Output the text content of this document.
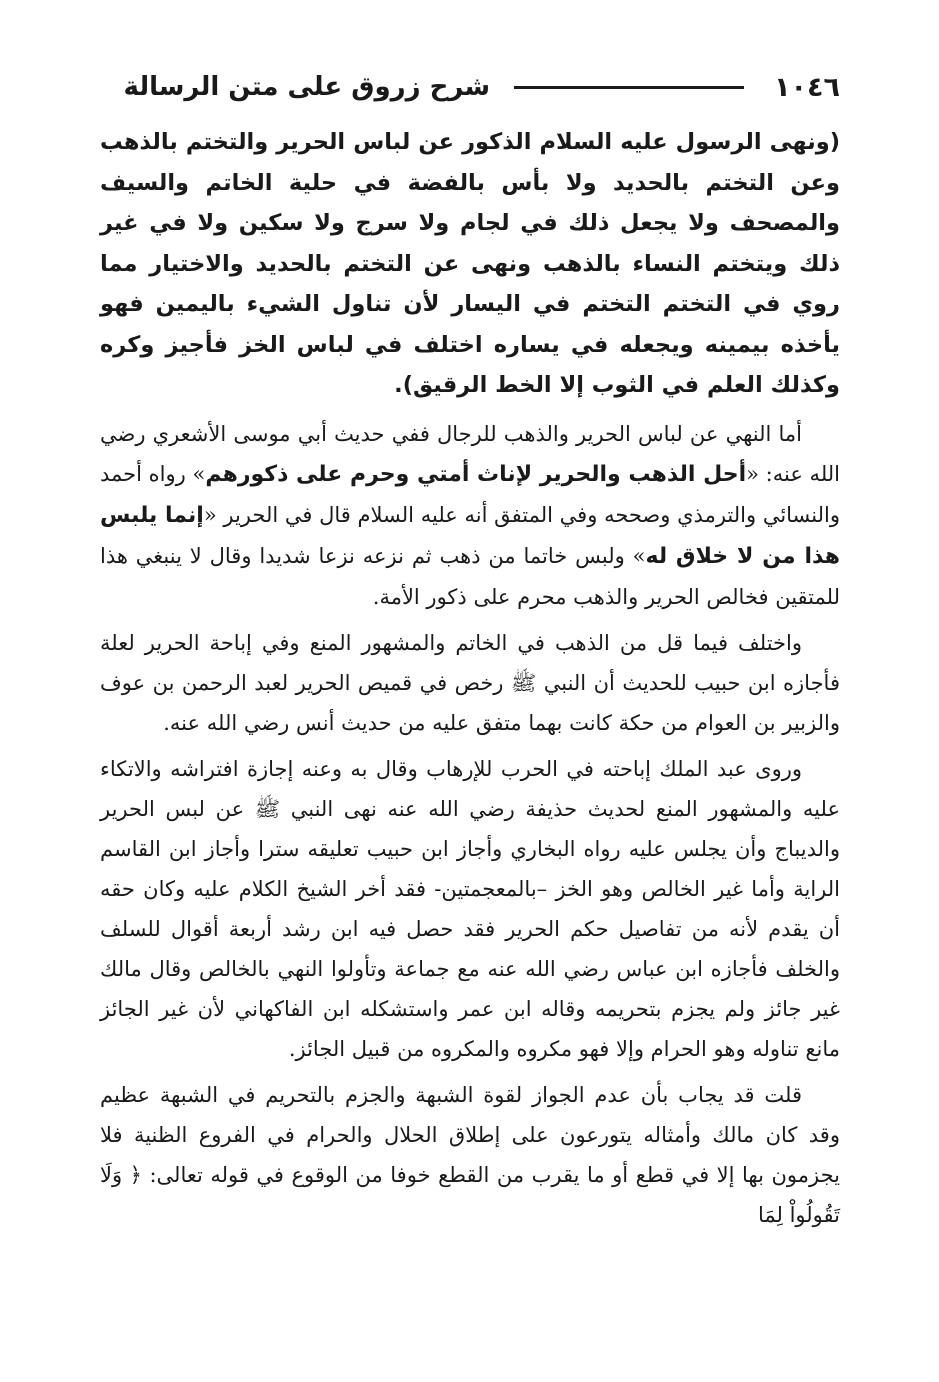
١٠٤٦
شرح زروق على متن الرسالة

(ونهى الرسول عليه السلام الذكور عن لباس الحرير والتختم بالذهب وعن التختم بالحديد ولا بأس بالفضة في حلية الخاتم والسيف والمصحف ولا يجعل ذلك في لجام ولا سرج ولا سكين ولا في غير ذلك ويتختم النساء بالذهب ونهى عن التختم بالحديد والاختيار مما روي في التختم التختم في اليسار لأن تناول الشيء باليمين فهو يأخذه بيمينه ويجعله في يساره اختلف في لباس الخز فأجيز وكره وكذلك العلم في الثوب إلا الخط الرقيق).

أما النهي عن لباس الحرير والذهب للرجال ففي حديث أبي موسى الأشعري رضي الله عنه: «أحل الذهب والحرير لإناث أمتي وحرم على ذكورهم» رواه أحمد والنسائي والترمذي وصححه وفي المتفق أنه عليه السلام قال في الحرير «إنما يلبس هذا من لا خلاق له» ولبس خاتما من ذهب ثم نزعه نزعا شديدا وقال لا ينبغي هذا للمتقين فخالص الحرير والذهب محرم على ذكور الأمة.

واختلف فيما قل من الذهب في الخاتم والمشهور المنع وفي إباحة الحرير لعلة فأجازه ابن حبيب للحديث أن النبي ﷺ رخص في قميص الحرير لعبد الرحمن بن عوف والزبير بن العوام من حكة كانت بهما متفق عليه من حديث أنس رضي الله عنه.

وروى عبد الملك إباحته في الحرب للإرهاب وقال به وعنه إجازة افتراشه والاتكاء عليه والمشهور المنع لحديث حذيفة رضي الله عنه نهى النبي ﷺ عن لبس الحرير والديباج وأن يجلس عليه رواه البخاري وأجاز ابن حبيب تعليقه سترا وأجاز ابن القاسم الراية وأما غير الخالص وهو الخز –بالمعجمتين- فقد أخر الشيخ الكلام عليه وكان حقه أن يقدم لأنه من تفاصيل حكم الحرير فقد حصل فيه ابن رشد أربعة أقوال للسلف والخلف فأجازه ابن عباس رضي الله عنه مع جماعة وتأولوا النهي بالخالص وقال مالك غير جائز ولم يجزم بتحريمه وقاله ابن عمر واستشكله ابن الفاكهاني لأن غير الجائز مانع تناوله وهو الحرام وإلا فهو مكروه والمكروه من قبيل الجائز.

قلت قد يجاب بأن عدم الجواز لقوة الشبهة والجزم بالتحريم في الشبهة عظيم وقد كان مالك وأمثاله يتورعون على إطلاق الحلال والحرام في الفروع الظنية فلا يجزمون بها إلا في قطع أو ما يقرب من القطع خوفا من الوقوع في قوله تعالى: ﴿ وَلَا تَقُولُواْ لِمَا
